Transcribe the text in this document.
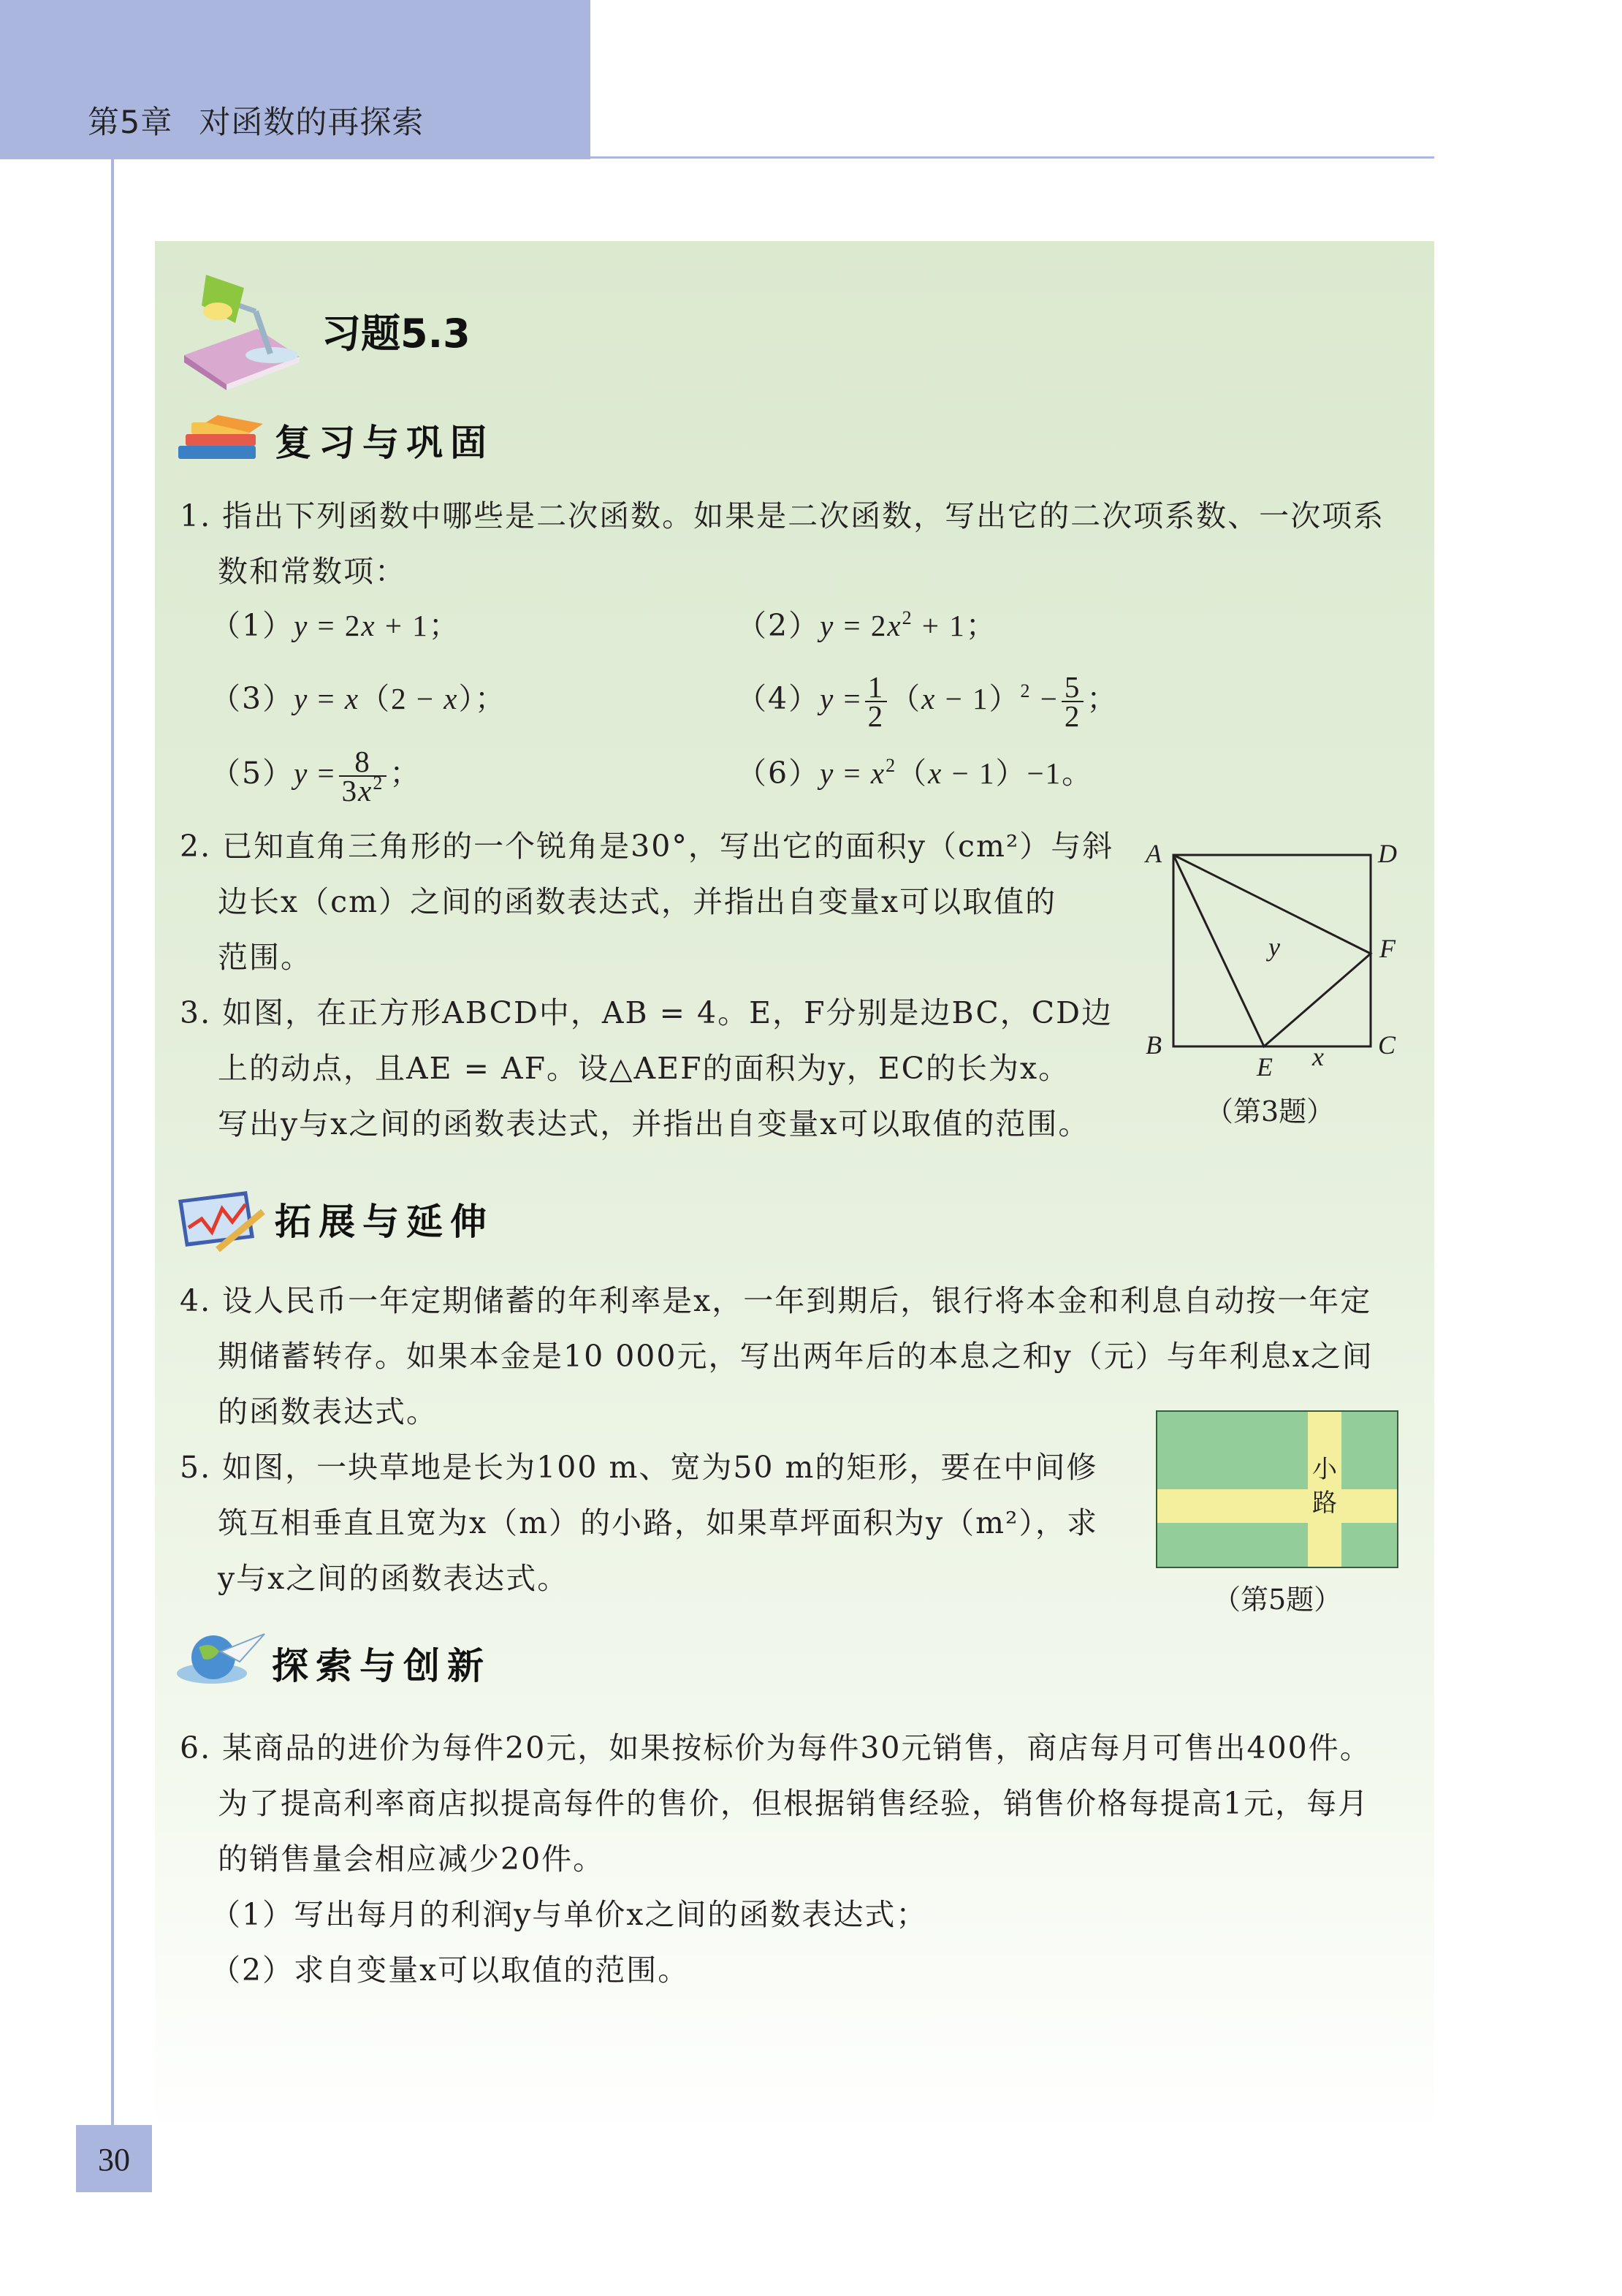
第5章 对函数的再探索
30
习题5.3
复习与巩固
1. 指出下列函数中哪些是二次函数。如果是二次函数，写出它的二次项系数、一次项系
数和常数项：
（1）y = 2x + 1；	$(2)y = 2x^2 + 1$；
（3）y = x（2 − x）；	$(4)y = \frac{1}{2} (x - 1)^2 - \frac{5}{2}$ ；
$(5)y = \frac{8}{3x^2}$ ；	$(6)y = x^2(x - 1)-1$。
2. 已知直角三角形的一个锐角是30°，写出它的面积y（cm²）与斜
边长x（cm）之间的函数表达式，并指出自变量x可以取值的
范围。
3. 如图，在正方形ABCD中，AB = 4。E，F分别是边BC，CD边
上的动点，且AE = AF。设△AEF的面积为y，EC的长为x。
写出y与x之间的函数表达式，并指出自变量x可以取值的范围。
A	D
B	C
E
F
x
y
（第3题）
拓展与延伸
4. 设人民币一年定期储蓄的年利率是x，一年到期后，银行将本金和利息自动按一年定
期储蓄转存。如果本金是10 000元，写出两年后的本息之和y（元）与年利息x之间
的函数表达式。
5. 如图，一块草地是长为100 m、宽为50 m的矩形，要在中间修
筑互相垂直且宽为x（m）的小路，如果草坪面积为y（m²），求
y与x之间的函数表达式。
小
路
（第5题）
探索与创新
6. 某商品的进价为每件20元，如果按标价为每件30元销售，商店每月可售出400件。
为了提高利率商店拟提高每件的售价，但根据销售经验，销售价格每提高1元，每月
的销售量会相应减少20件。
（1）写出每月的利润y与单价x之间的函数表达式；
（2）求自变量x可以取值的范围。
